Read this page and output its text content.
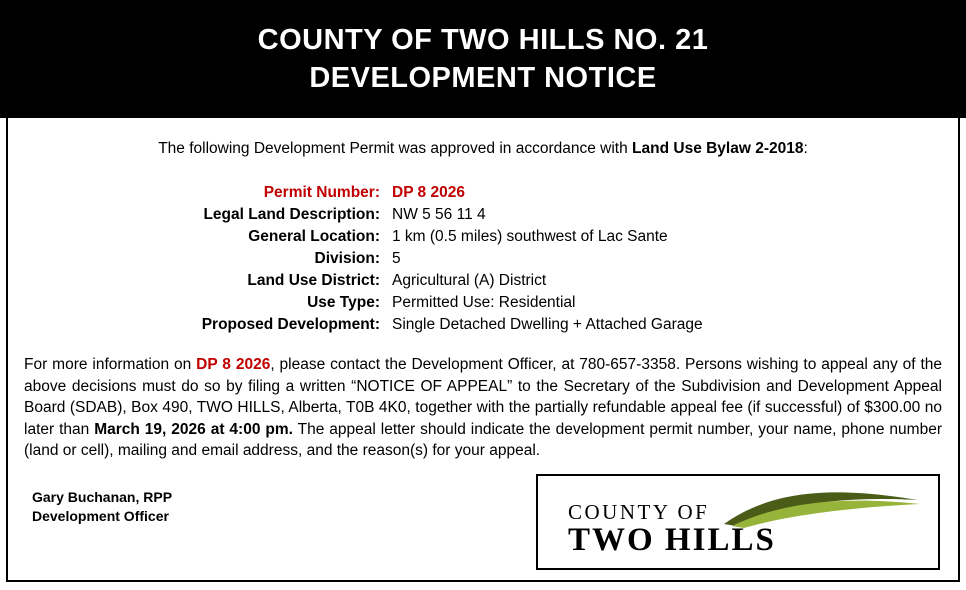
COUNTY OF TWO HILLS NO. 21
DEVELOPMENT NOTICE

The following Development Permit was approved in accordance with Land Use Bylaw 2-2018:

Permit Number: DP 8 2026
Legal Land Description: NW 5 56 11 4
General Location: 1 km (0.5 miles) southwest of Lac Sante
Division: 5
Land Use District: Agricultural (A) District
Use Type: Permitted Use: Residential
Proposed Development: Single Detached Dwelling + Attached Garage

For more information on DP 8 2026, please contact the Development Officer, at 780-657-3358. Persons wishing to appeal any of the above decisions must do so by filing a written “NOTICE OF APPEAL” to the Secretary of the Subdivision and Development Appeal Board (SDAB), Box 490, TWO HILLS, Alberta, T0B 4K0, together with the partially refundable appeal fee (if successful) of $300.00 no later than March 19, 2026 at 4:00 pm. The appeal letter should indicate the development permit number, your name, phone number (land or cell), mailing and email address, and the reason(s) for your appeal.

Gary Buchanan, RPP
Development Officer	COUNTY OF
TWO HILLS
